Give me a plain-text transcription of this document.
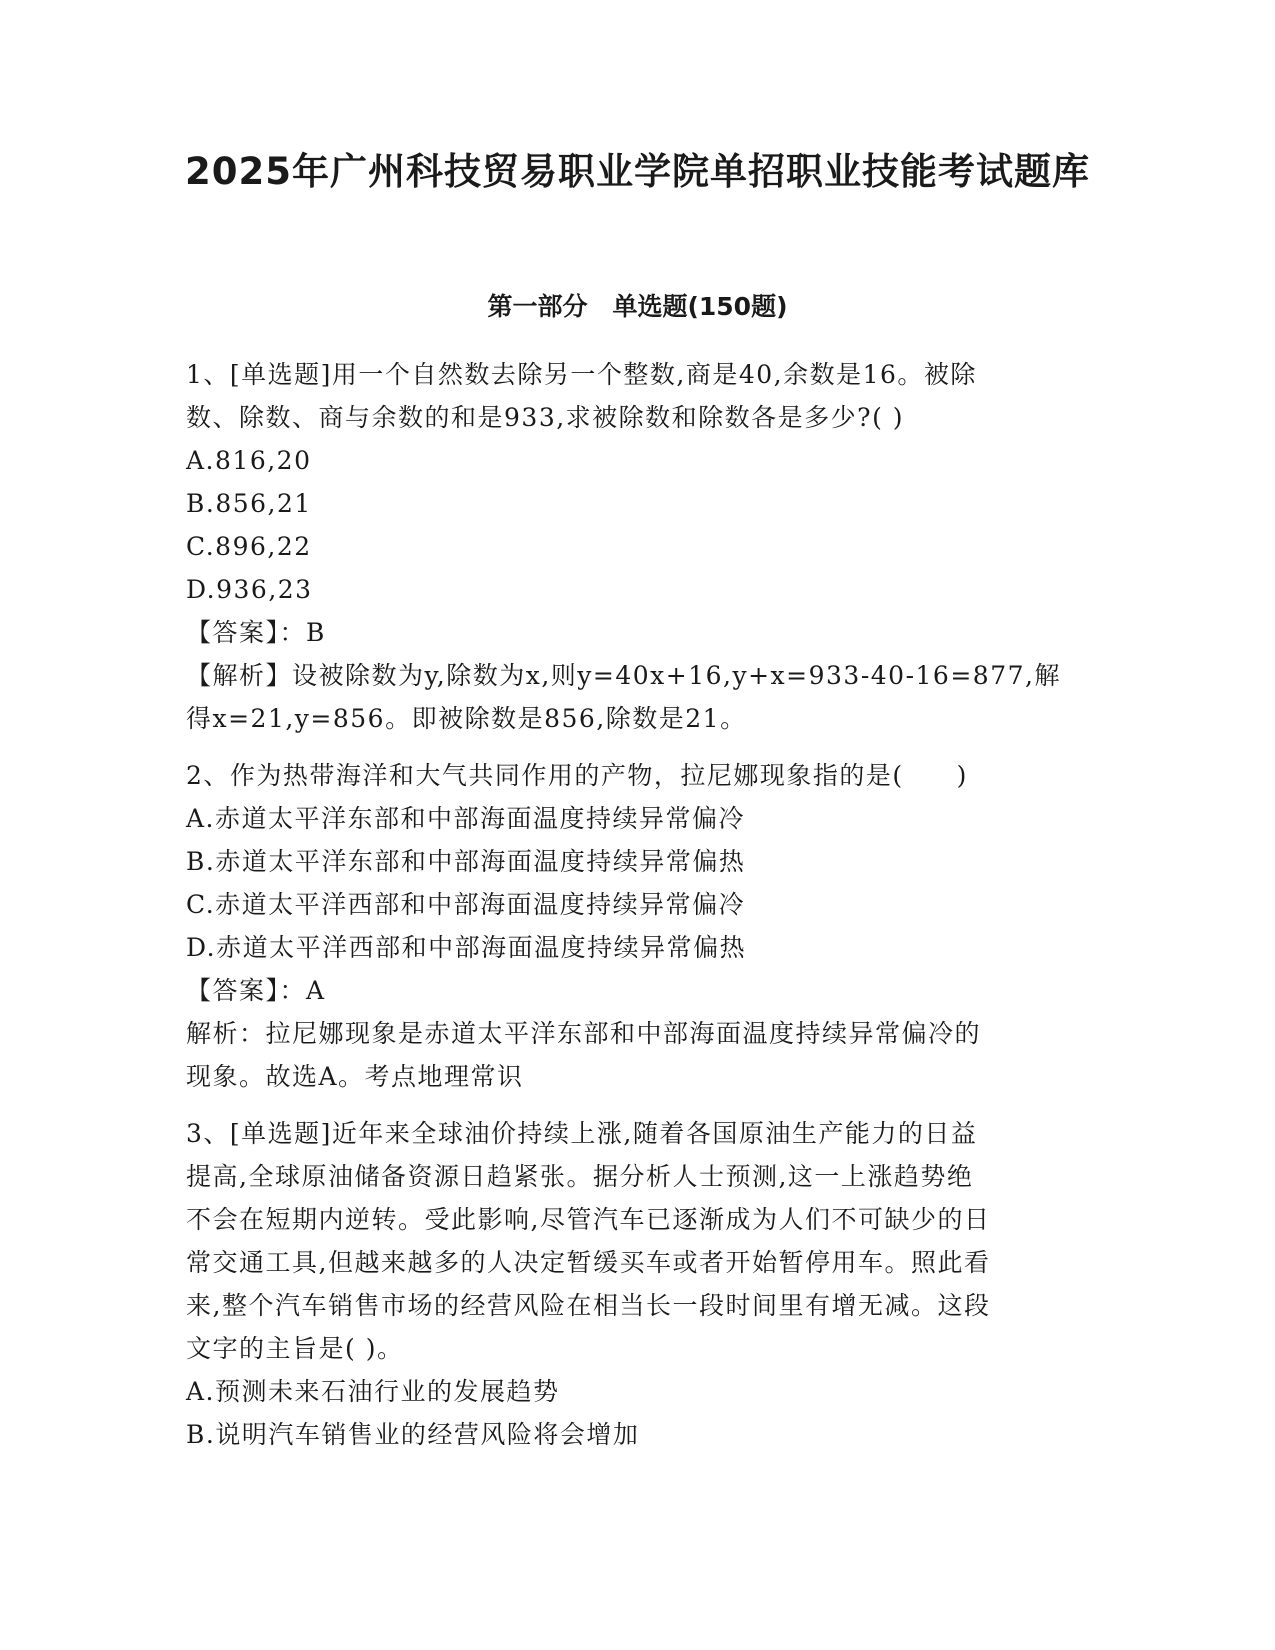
2025年广州科技贸易职业学院单招职业技能考试题库
第一部分　单选题(150题)

1、[单选题]用一个自然数去除另一个整数,商是40,余数是16。被除

数、除数、商与余数的和是933,求被除数和除数各是多少?( )

A.816,20

B.856,21

C.896,22

D.936,23

【答案】：B

【解析】设被除数为y,除数为x,则y=40x+16,y+x=933-40-16=877,解

得x=21,y=856。即被除数是856,除数是21。

2、作为热带海洋和大气共同作用的产物，拉尼娜现象指的是(　　)

A.赤道太平洋东部和中部海面温度持续异常偏冷

B.赤道太平洋东部和中部海面温度持续异常偏热

C.赤道太平洋西部和中部海面温度持续异常偏冷

D.赤道太平洋西部和中部海面温度持续异常偏热

【答案】：A

解析：拉尼娜现象是赤道太平洋东部和中部海面温度持续异常偏冷的

现象。故选A。考点地理常识

3、[单选题]近年来全球油价持续上涨,随着各国原油生产能力的日益

提高,全球原油储备资源日趋紧张。据分析人士预测,这一上涨趋势绝

不会在短期内逆转。受此影响,尽管汽车已逐渐成为人们不可缺少的日

常交通工具,但越来越多的人决定暂缓买车或者开始暂停用车。照此看

来,整个汽车销售市场的经营风险在相当长一段时间里有增无减。这段

文字的主旨是( )。

A.预测未来石油行业的发展趋势

B.说明汽车销售业的经营风险将会增加
